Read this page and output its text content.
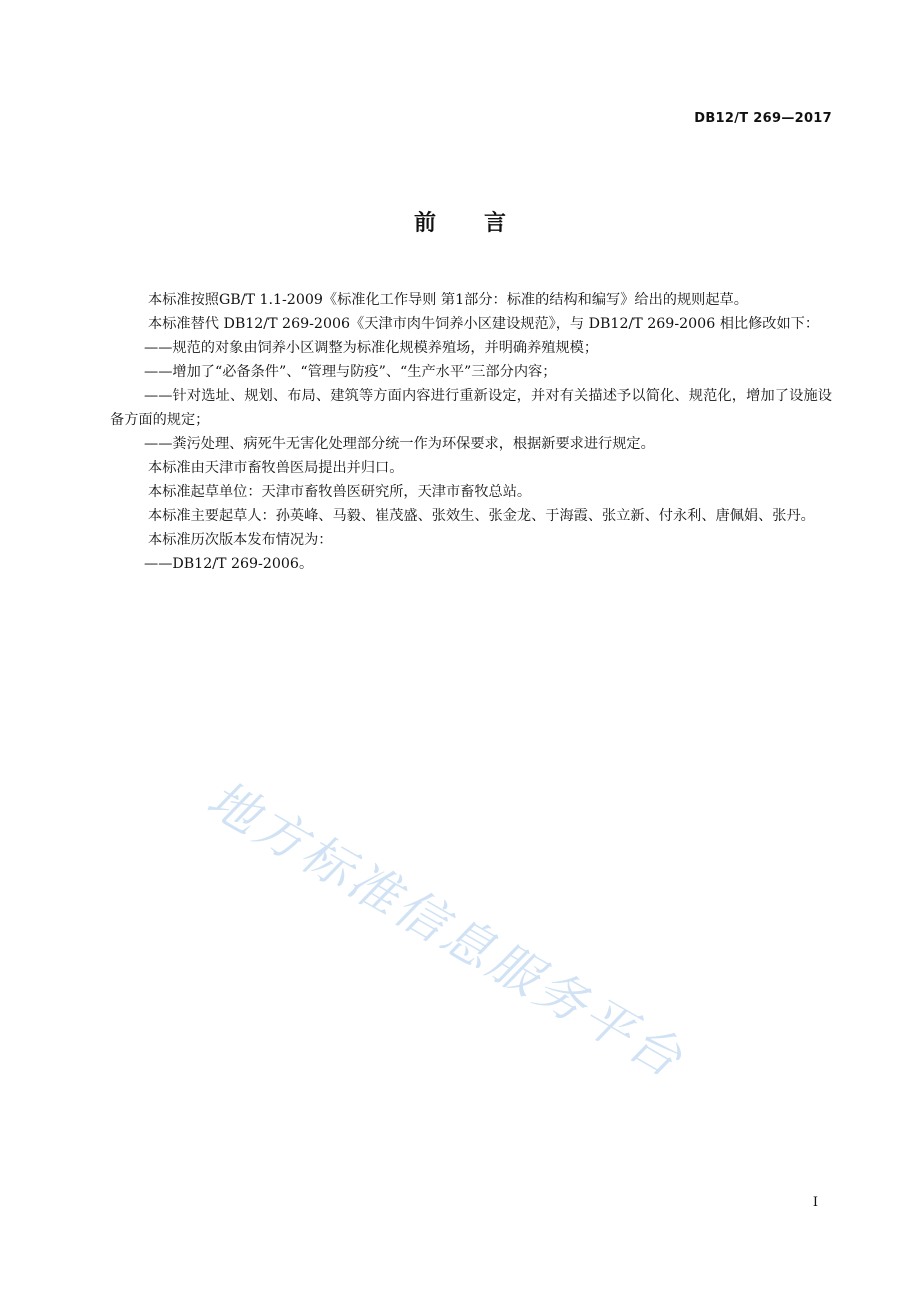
DB12/T 269—2017
前 言

本标准按照GB/T 1.1-2009《标准化工作导则 第1部分：标准的结构和编写》给出的规则起草。

本标准替代 DB12/T 269-2006《天津市肉牛饲养小区建设规范》，与 DB12/T 269-2006 相比修改如下：

——规范的对象由饲养小区调整为标准化规模养殖场，并明确养殖规模；

——增加了“必备条件”、“管理与防疫”、“生产水平”三部分内容；

——针对选址、规划、布局、建筑等方面内容进行重新设定，并对有关描述予以简化、规范化，增加了设施设备方面的规定；

——粪污处理、病死牛无害化处理部分统一作为环保要求，根据新要求进行规定。

本标准由天津市畜牧兽医局提出并归口。

本标准起草单位：天津市畜牧兽医研究所，天津市畜牧总站。

本标准主要起草人：孙英峰、马毅、崔茂盛、张效生、张金龙、于海霞、张立新、付永利、唐佩娟、张丹。

本标准历次版本发布情况为：

——DB12/T 269-2006。

地方标准信息服务平台
I
